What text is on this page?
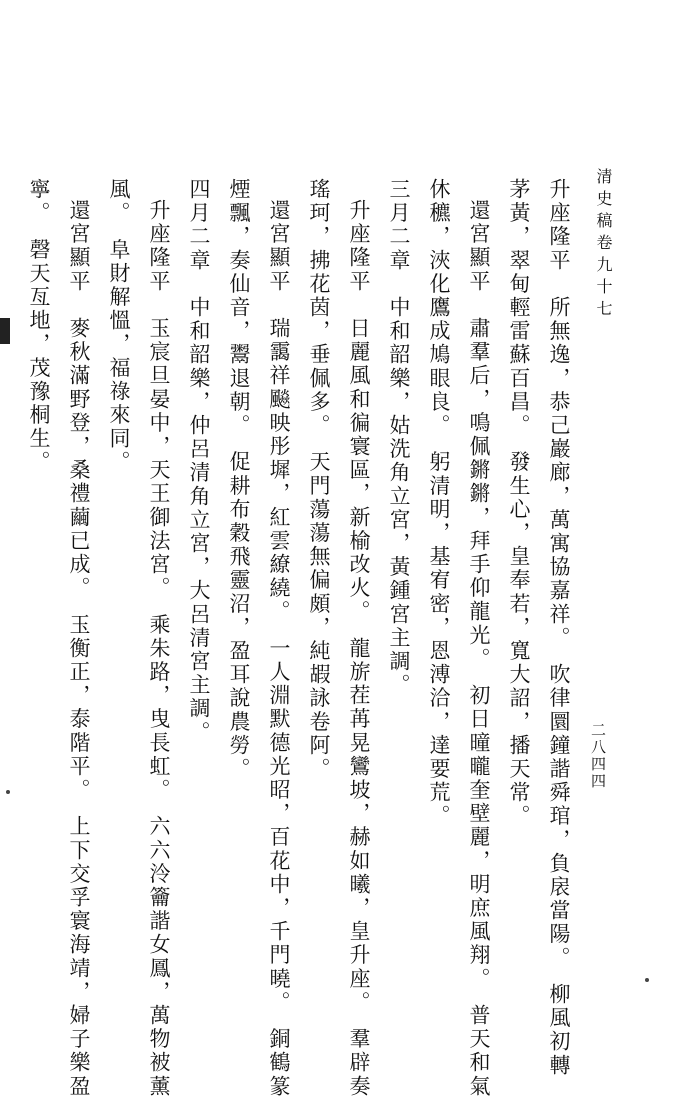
清史稿卷九十七
二八四四
升座隆平　所無逸，恭己巖廊，萬寓協嘉祥。　吹律圜鐘諧舜琯，負扆當陽。　柳風初轉
茅黃，翠甸輕雷蘇百昌。　發生心，皇奉若，寬大詔，播天常。
還宮顯平　肅羣后，鳴佩鏘鏘，拜手仰龍光。　初日曈曨奎壁麗，明庶風翔。　普天和氣
休穮，浹化鷹成鳩眼良。　躬清明，基宥密，恩溥洽，達要荒。
三月二章　中和韶樂，姑洗角立宮，黃鍾宮主調。
升座隆平　日麗風和徧寰區，新榆改火。　龍旂茬苒晃鸞坡，赫如曦，皇升座。　羣辟奏
瑤珂，拂花茵，垂佩多。　天門蕩蕩無偏頗，純嘏詠卷阿。
還宮顯平　瑞靄祥飈映彤墀，紅雲繚繞。　一人淵默德光昭，百花中，千門曉。　銅鶴篆
煙飄，奏仙音，鬻退朝。　促耕布穀飛靈沼，盈耳說農勞。
四月二章　中和韶樂，仲呂清角立宮，大呂清宮主調。
升座隆平　玉宸旦晏中，天王御法宮。　乘朱路，曳長虹。　六六泠籥諧女鳳，萬物被薰
風。　阜財解慍，福祿來同。
還宮顯平　麥秋滿野登，桑禮繭已成。　玉衡正，泰階平。　上下交孚寰海靖，婦子樂盈
寧。　磬天亙地，茂豫桐生。
